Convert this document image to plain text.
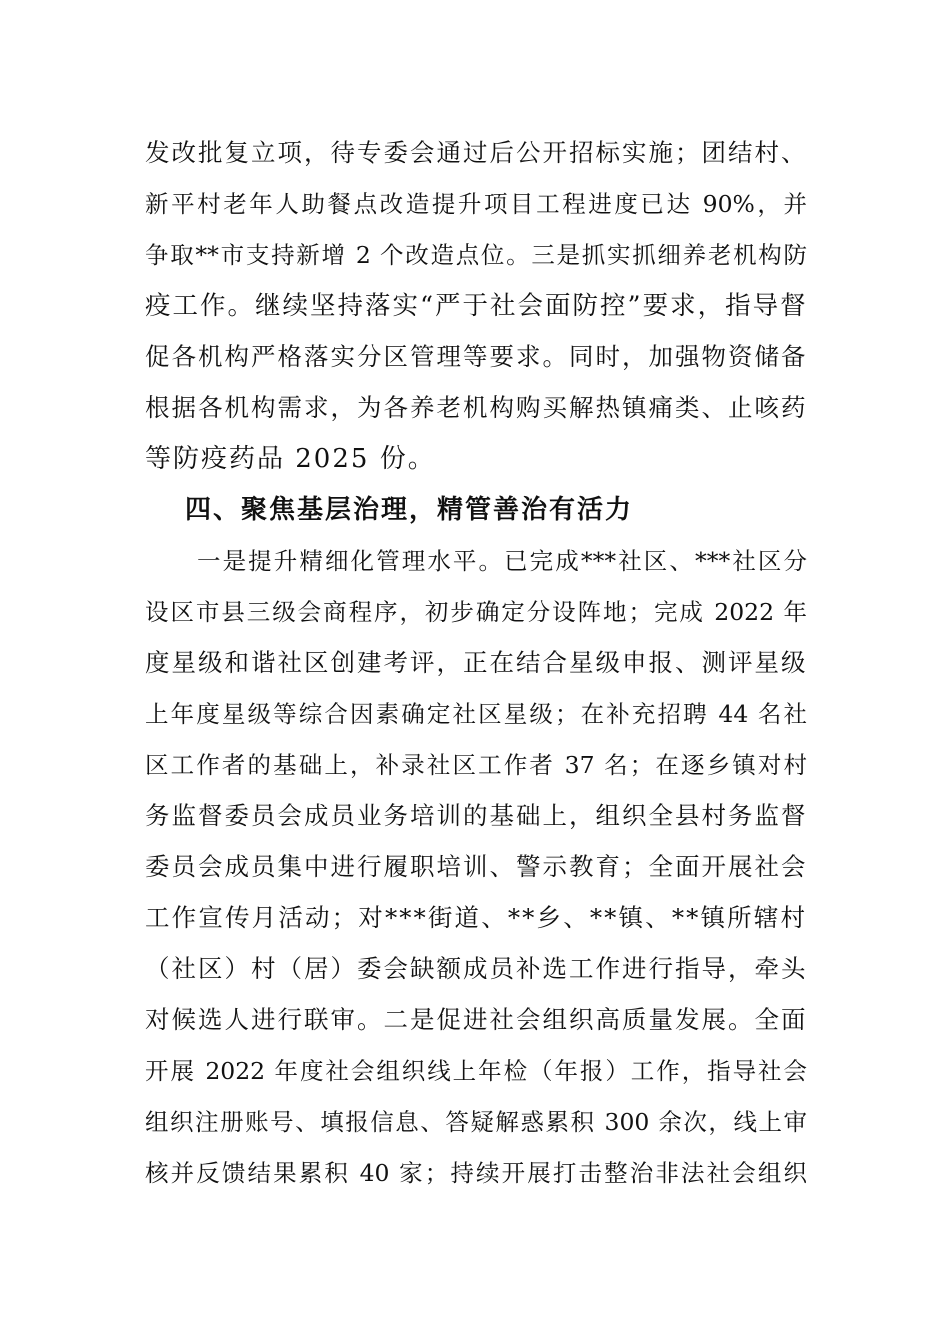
发改批复立项，待专委会通过后公开招标实施；团结村、
新平村老年人助餐点改造提升项目工程进度已达 90%，并
争取**市支持新增 2 个改造点位。三是抓实抓细养老机构防
疫工作。继续坚持落实“严于社会面防控”要求，指导督
促各机构严格落实分区管理等要求。同时，加强物资储备
根据各机构需求，为各养老机构购买解热镇痛类、止咳药
等防疫药品 2025 份。
四、聚焦基层治理，精管善治有活力
一是提升精细化管理水平。已完成***社区、***社区分
设区市县三级会商程序，初步确定分设阵地；完成 2022 年
度星级和谐社区创建考评，正在结合星级申报、测评星级
上年度星级等综合因素确定社区星级；在补充招聘 44 名社
区工作者的基础上，补录社区工作者 37 名；在逐乡镇对村
务监督委员会成员业务培训的基础上，组织全县村务监督
委员会成员集中进行履职培训、警示教育；全面开展社会
工作宣传月活动；对***街道、**乡、**镇、**镇所辖村
（社区）村（居）委会缺额成员补选工作进行指导，牵头
对候选人进行联审。二是促进社会组织高质量发展。全面
开展 2022 年度社会组织线上年检（年报）工作，指导社会
组织注册账号、填报信息、答疑解惑累积 300 余次，线上审
核并反馈结果累积 40 家；持续开展打击整治非法社会组织
